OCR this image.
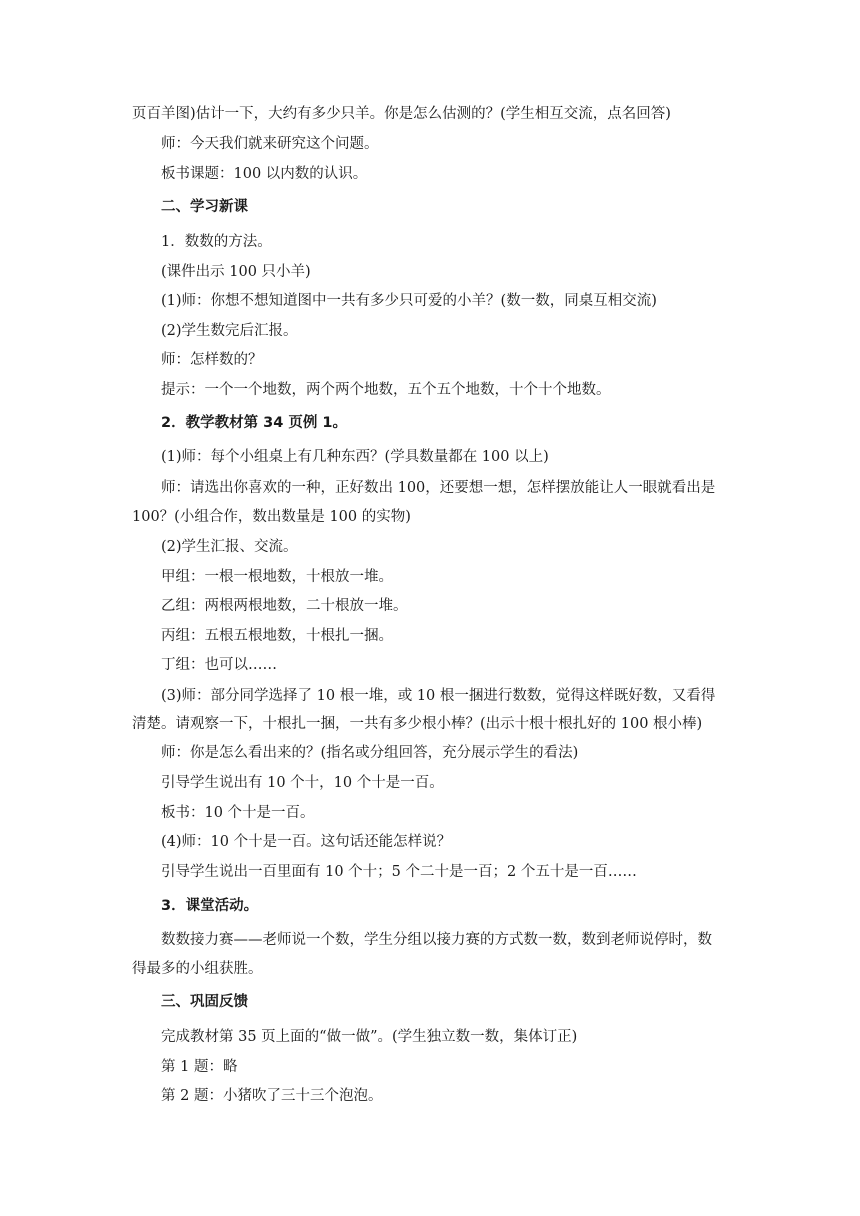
页百羊图)估计一下，大约有多少只羊。你是怎么估测的？(学生相互交流，点名回答)
师：今天我们就来研究这个问题。
板书课题：100 以内数的认识。
二、学习新课
1．数数的方法。
(课件出示 100 只小羊)
(1)师：你想不想知道图中一共有多少只可爱的小羊？(数一数，同桌互相交流)
(2)学生数完后汇报。
师：怎样数的？
提示：一个一个地数，两个两个地数，五个五个地数，十个十个地数。
2．教学教材第 34 页例 1。
(1)师：每个小组桌上有几种东西？(学具数量都在 100 以上)
师：请选出你喜欢的一种，正好数出 100，还要想一想，怎样摆放能让人一眼就看出是
100？(小组合作，数出数量是 100 的实物)
(2)学生汇报、交流。
甲组：一根一根地数，十根放一堆。
乙组：两根两根地数，二十根放一堆。
丙组：五根五根地数，十根扎一捆。
丁组：也可以……
(3)师：部分同学选择了 10 根一堆，或 10 根一捆进行数数，觉得这样既好数，又看得
清楚。请观察一下，十根扎一捆，一共有多少根小棒？(出示十根十根扎好的 100 根小棒)
师：你是怎么看出来的？(指名或分组回答，充分展示学生的看法)
引导学生说出有 10 个十，10 个十是一百。
板书：10 个十是一百。
(4)师：10 个十是一百。这句话还能怎样说？
引导学生说出一百里面有 10 个十；5 个二十是一百；2 个五十是一百……
3．课堂活动。
数数接力赛——老师说一个数，学生分组以接力赛的方式数一数，数到老师说停时，数
得最多的小组获胜。
三、巩固反馈
完成教材第 35 页上面的“做一做”。(学生独立数一数，集体订正)
第 1 题：略
第 2 题：小猪吹了三十三个泡泡。
